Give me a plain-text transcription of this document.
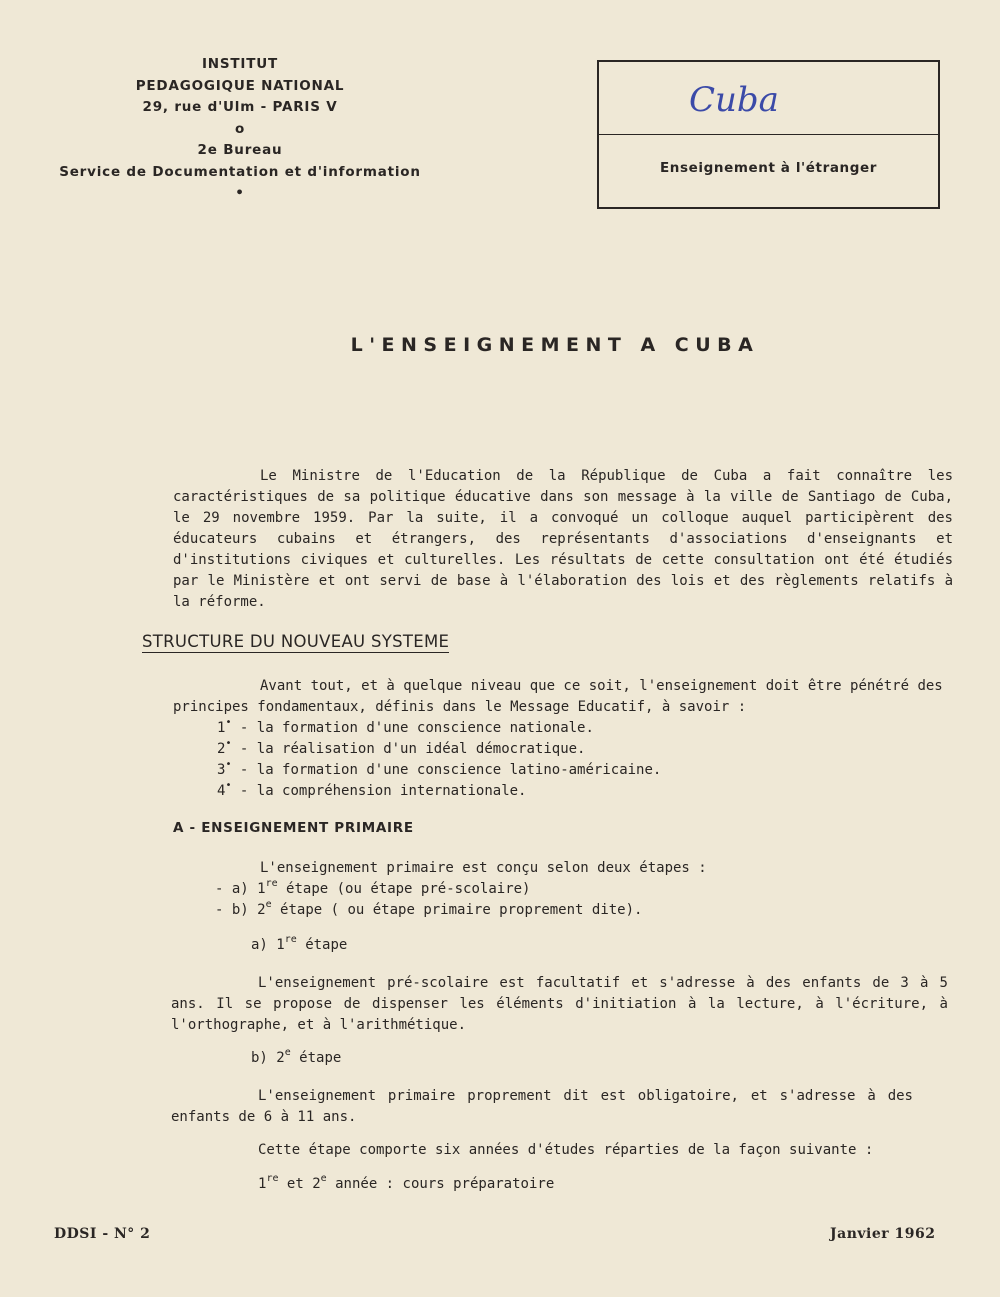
INSTITUT
PEDAGOGIQUE NATIONAL
29, rue d'Ulm - PARIS V
o
2e Bureau
Service de Documentation et d'information
•
Cuba
Enseignement à l'étranger
L'ENSEIGNEMENT A CUBA

Le Ministre de l'Education de la République de Cuba a fait connaître les caractéristiques de sa politique éducative dans son message à la ville de Santiago de Cuba, le 29 novembre 1959. Par la suite, il a convoqué un colloque auquel participèrent des éducateurs cubains et étrangers, des représentants d'associations d'enseignants et d'institutions civiques et culturelles. Les résultats de cette consultation ont été étudiés par le Ministère et ont servi de base à l'élaboration des lois et des règlements relatifs à la réforme.

STRUCTURE DU NOUVEAU SYSTEME

Avant tout, et à quelque niveau que ce soit, l'enseignement doit être pénétré des principes fondamentaux, définis dans le Message Educatif, à savoir :

1• - la formation d'une conscience nationale.
2• - la réalisation d'un idéal démocratique.
3• - la formation d'une conscience latino-américaine.
4• - la compréhension internationale.
A - ENSEIGNEMENT PRIMAIRE
L'enseignement primaire est conçu selon deux étapes :
- a) 1re étape (ou étape pré-scolaire)
- b) 2e étape ( ou étape primaire proprement dite).
a) 1re étape

L'enseignement pré-scolaire est facultatif et s'adresse à des enfants de 3 à 5 ans. Il se propose de dispenser les éléments d'initiation à la lecture, à l'écriture, à l'orthographe, et à l'arithmétique.

b) 2e étape

L'enseignement primaire proprement dit est obligatoire, et s'adresse à des enfants de 6 à 11 ans.

Cette étape comporte six années d'études réparties de la façon suivante :
1re et 2e année : cours préparatoire
DDSI - N° 2	Janvier 1962
